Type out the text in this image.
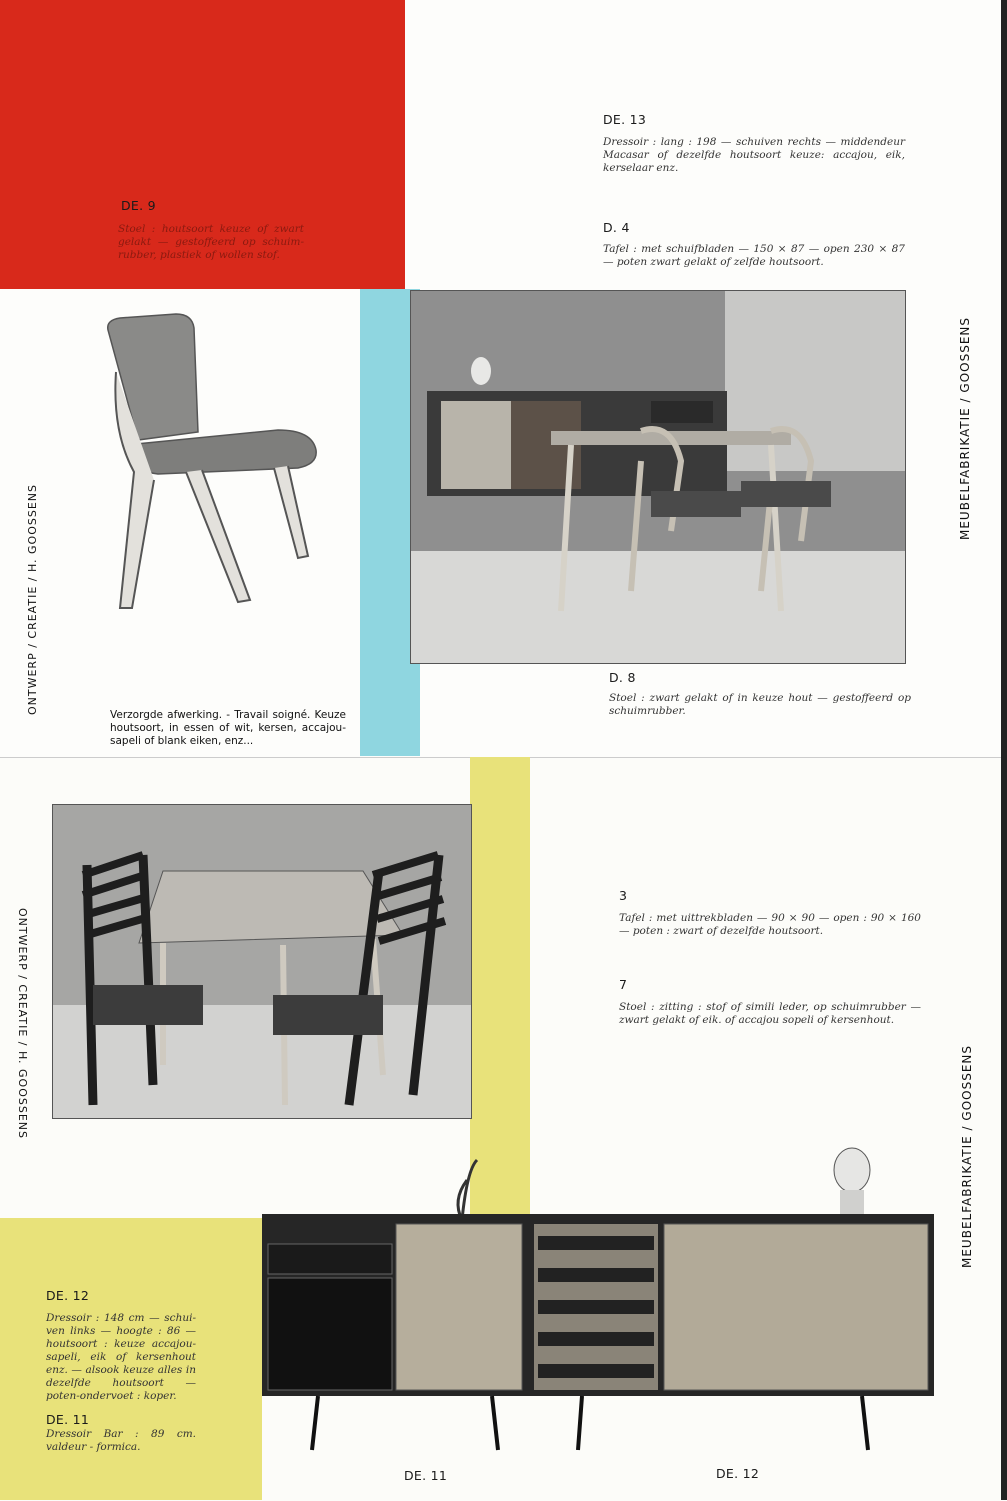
DE. 9
Stoel : houtsoort keuze of zwart gelakt — gestoffeerd op schuim-rubber, plastiek of wollen stof.
DE. 13
Dressoir : lang : 198 — schuiven rechts — middendeur Macasar of dezelfde houtsoort keuze: accajou, eik, kerselaar enz.
D. 4
Tafel : met schuifbladen — 150 × 87 — open 230 × 87 — poten zwart gelakt of zelfde houtsoort.
ONTWERP / CREATIE / H. GOOSSENS	Verzorgde afwerking. - Travail soigné. Keuze houtsoort, in essen of wit, kersen, accajou-sapeli of blank eiken, enz...
D. 8
Stoel : zwart gelakt of in keuze hout — gestoffeerd op schuimrubber.
MEUBELFABRIKATIE / GOOSSENS
ONTWERP / CREATIE / H. GOOSSENS
3
Tafel : met uittrekbladen — 90 × 90 — open : 90 × 160 — poten : zwart of dezelfde houtsoort.
7
Stoel : zitting : stof of simili leder, op schuimrubber — zwart gelakt of eik. of accajou sopeli of kersenhout.
MEUBELFABRIKATIE / GOOSSENS
DE. 12
Dressoir : 148 cm — schui-ven links — hoogte : 86 — houtsoort : keuze accajou-sapeli, eik of kersenhout enz. — alsook keuze alles in dezelfde houtsoort — poten-ondervoet : koper.
DE. 11
Dressoir Bar : 89 cm. valdeur - formica.
DE. 11	DE. 12
